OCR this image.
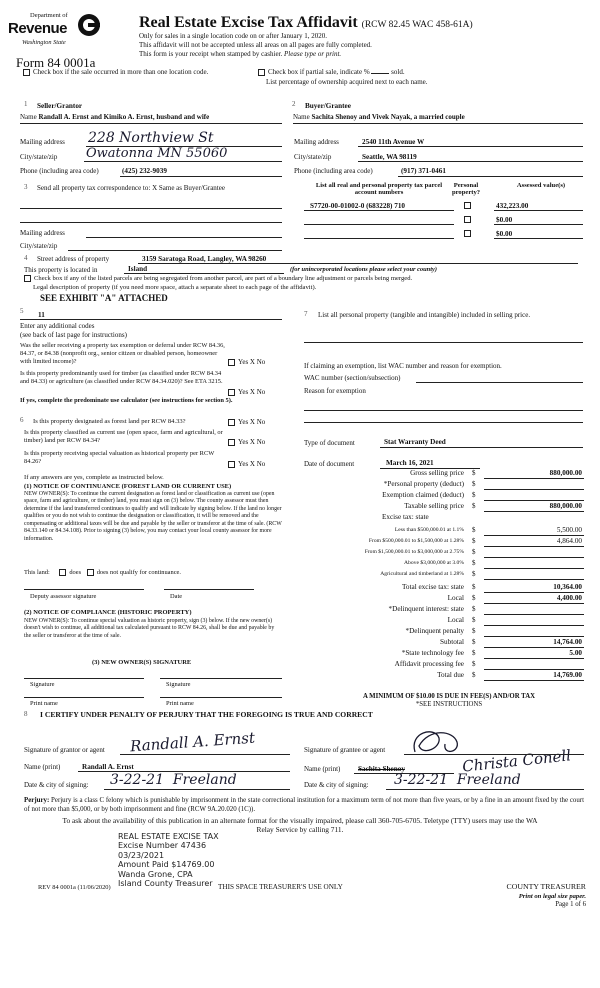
Department of
Revenue
Washington State
Real Estate Excise Tax Affidavit (RCW 82.45 WAC 458-61A)
Only for sales in a single location code on or after January 1, 2020.
This affidavit will not be accepted unless all areas on all pages are fully completed.
This form is your receipt when stamped by cashier. Please type or print.
Form 84 0001a
Check box if the sale occurred in more than one location code.	Check box if partial sale, indicate %	sold.
List percentage of ownership acquired next to each name.
1 Seller/Grantor
Name Randall A. Ernst and Kimiko A. Ernst, husband and wife
2 Buyer/Grantee
Name Sachita Shenoy and Vivek Nayak, a married couple
Mailing address 228 Northview St
City/state/zip Owatonna MN 55060
Phone (including area code)	(425) 232-9039
Mailing address	2540 11th Avenue W
City/state/zip	Seattle, WA 98119
Phone (including area code)	(917) 371-0461
3 Send all property tax correspondence to: X Same as Buyer/Grantee
Mailing address
City/state/zip
List all real and personal property tax parcel account numbers
Personal property?
Assessed value(s)
S7720-00-01002-0 (683228) 710	432,223.00
$0.00
$0.00
4 Street address of property	3159 Saratoga Road, Langley, WA 98260
This property is located in	Island	(for unincorporated locations please select your county)
Check box if any of the listed parcels are being segregated from another parcel, are part of a boundary line adjustment or parcels being merged.
Legal description of property (if you need more space, attach a separate sheet to each page of the affidavit).
SEE EXHIBIT "A" ATTACHED
5 11
Enter any additional codes
(see back of last page for instructions)
Was the seller receiving a property tax exemption or deferral under RCW 84.36, 84.37, or 84.38 (nonprofit org., senior citizen or disabled person, homeowner with limited income)?	Yes X No
Is this property predominantly used for timber (as classified under RCW 84.34 and 84.33) or agriculture (as classified under RCW 84.34.020)? See ETA 3215.
Yes X No
If yes, complete the predominate use calculator (see instructions for section 5).
6 Is this property designated as forest land per RCW 84.33?	Yes X No
Is this property classified as current use (open space, farm and agricultural, or timber) land per RCW 84.34?	Yes X No
Is this property receiving special valuation as historical property per RCW 84.26?	Yes X No
If any answers are yes, complete as instructed below.
(1) NOTICE OF CONTINUANCE (FOREST LAND OR CURRENT USE)
NEW OWNER(S): To continue the current designation as forest land or classification as current use (open space, farm and agriculture, or timber) land, you must sign on (3) below. The county assessor must then determine if the land transferred continues to qualify and will indicate by signing below. If the land no longer qualifies or you do not wish to continue the designation or classification, it will be removed and the compensating or additional taxes will be due and payable by the seller or transferor at the time of sale. (RCW 84.33.140 or 84.34.108). Prior to signing (3) below, you may contact your local county assessor for more information.
This land:	does does not qualify for continuance.
Deputy assessor signature	Date
(2) NOTICE OF COMPLIANCE (HISTORIC PROPERTY)
NEW OWNER(S): To continue special valuation as historic property, sign (3) below. If the new owner(s) doesn't wish to continue, all additional tax calculated pursuant to RCW 84.26, shall be due and payable by the seller or transferor at the time of sale.
(3) NEW OWNER(S) SIGNATURE
Signature	Signature
Print name	Print name
7	List all personal property (tangible and intangible) included in selling price.
If claiming an exemption, list WAC number and reason for exemption.
WAC number (section/subsection)
Reason for exemption
Type of document	Stat Warranty Deed
Date of document	March 16, 2021
Gross selling price $	880,000.00
*Personal property (deduct) $
Exemption claimed (deduct) $
Taxable selling price $	880,000.00
Excise tax: state
Less than $500,000.01 at 1.1% $	5,500.00
From $500,000.01 to $1,500,000 at 1.28% $	4,864.00
From $1,500,000.01 to $3,000,000 at 2.75% $
Above $3,000,000 at 3.0% $
Agricultural and timberland at 1.28% $
Total excise tax: state $	10,364.00
Local $	4,400.00
*Delinquent interest: state $
Local $
*Delinquent penalty $
Subtotal $	14,764.00
*State technology fee $	5.00
Affidavit processing fee $
Total due $	14,769.00
A MINIMUM OF $10.00 IS DUE IN FEE(S) AND/OR TAX
*SEE INSTRUCTIONS
8 I CERTIFY UNDER PENALTY OF PERJURY THAT THE FOREGOING IS TRUE AND CORRECT
Signature of grantor or agent Randall A. Ernst
Name (print)	Randall A. Ernst
Date & city of signing: 3-22-21  Freeland
Signature of grantee or agent	Christa Conell
Name (print) Sachita Shenoy
Date & city of signing: 3-22-21  Freeland
Perjury: Perjury is a class C felony which is punishable by imprisonment in the state correctional institution for a maximum term of not more than five years, or by a fine in an amount fixed by the court of not more than $5,000, or by both imprisonment and fine (RCW 9A.20.020 (1C)).
To ask about the availability of this publication in an alternate format for the visually impaired, please call 360-705-6705. Teletype (TTY) users may use the WA Relay Service by calling 711.
REAL ESTATE EXCISE TAX
Excise Number 47436
03/23/2021
Amount Paid $14769.00
Wanda Grone, CPA
Island County Treasurer
REV 84 0001a (11/06/2020)	THIS SPACE TREASURER'S USE ONLY	COUNTY TREASURER
Print on legal size paper.
Page 1 of 6
